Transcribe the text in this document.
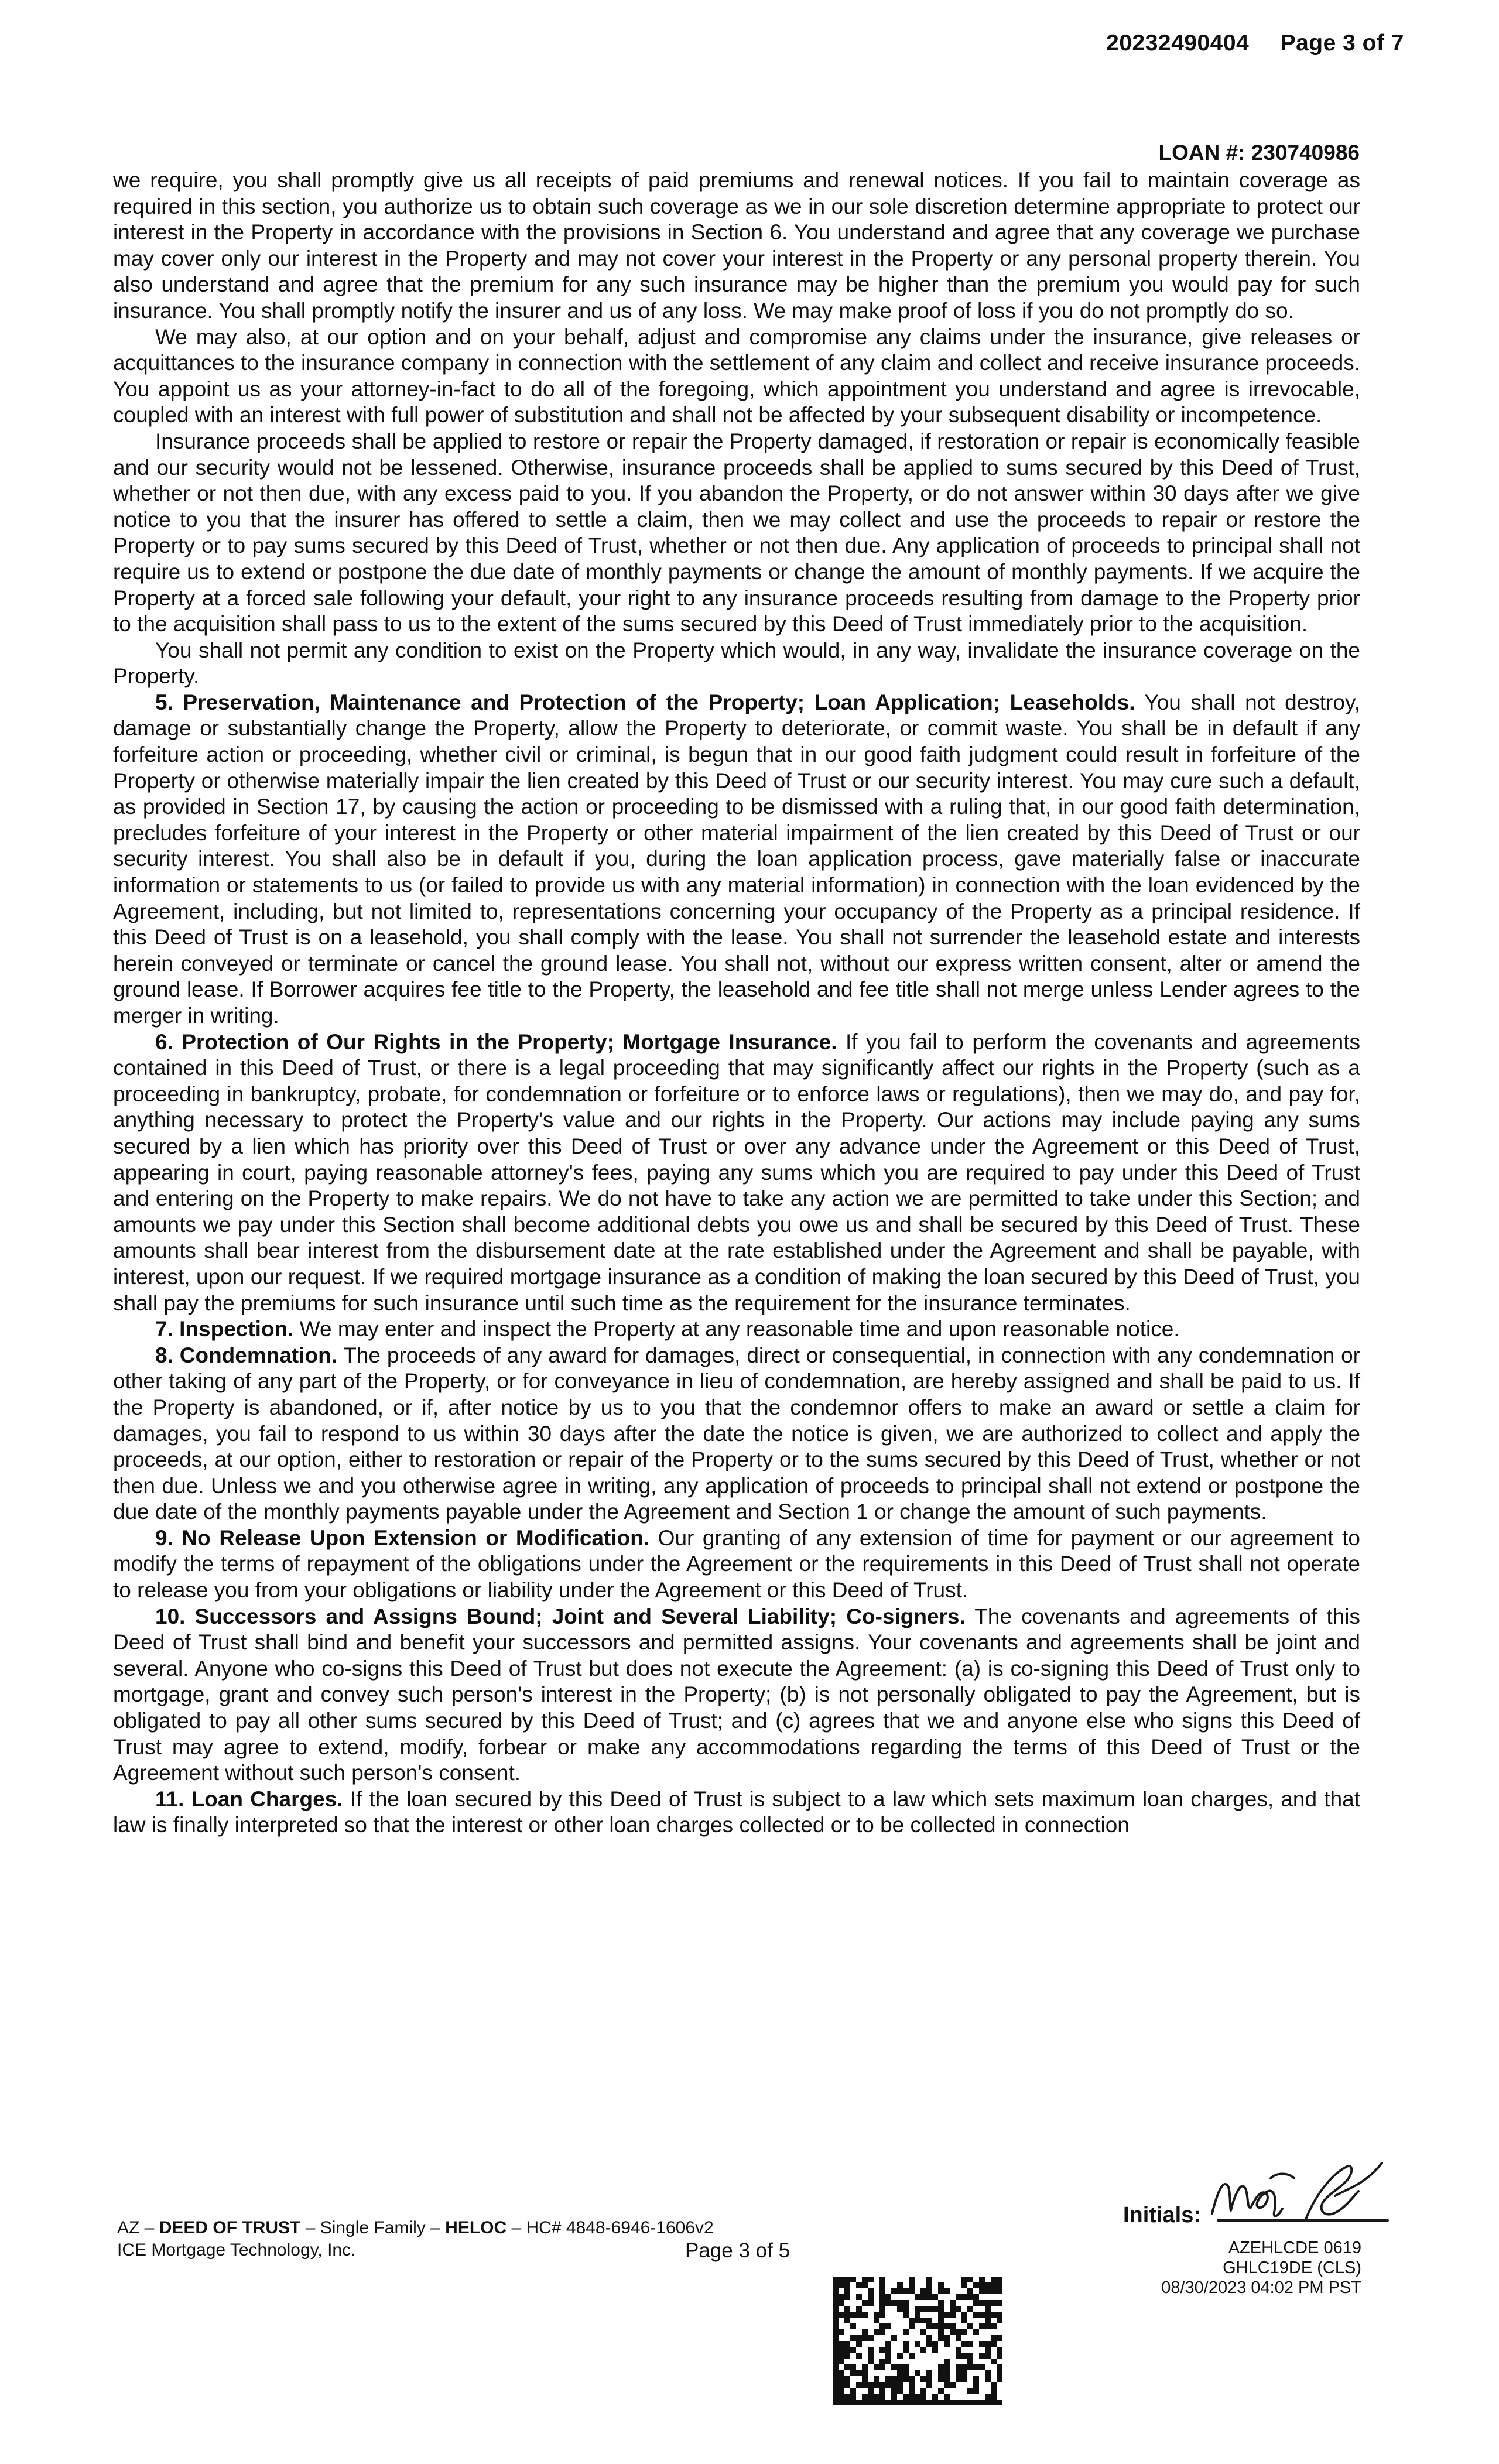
20232490404 Page 3 of 7
LOAN #: 230740986

we require, you shall promptly give us all receipts of paid premiums and renewal notices. If you fail to maintain coverage as required in this section, you authorize us to obtain such coverage as we in our sole discretion determine appropriate to protect our interest in the Property in accordance with the provisions in Section 6. You understand and agree that any coverage we purchase may cover only our interest in the Property and may not cover your interest in the Property or any personal property therein. You also understand and agree that the premium for any such insurance may be higher than the premium you would pay for such insurance. You shall promptly notify the insurer and us of any loss. We may make proof of loss if you do not promptly do so.

We may also, at our option and on your behalf, adjust and compromise any claims under the insurance, give releases or acquittances to the insurance company in connection with the settlement of any claim and collect and receive insurance proceeds. You appoint us as your attorney-in-fact to do all of the foregoing, which appointment you understand and agree is irrevocable, coupled with an interest with full power of substitution and shall not be affected by your subsequent disability or incompetence.

Insurance proceeds shall be applied to restore or repair the Property damaged, if restoration or repair is economically feasible and our security would not be lessened. Otherwise, insurance proceeds shall be applied to sums secured by this Deed of Trust, whether or not then due, with any excess paid to you. If you abandon the Property, or do not answer within 30 days after we give notice to you that the insurer has offered to settle a claim, then we may collect and use the proceeds to repair or restore the Property or to pay sums secured by this Deed of Trust, whether or not then due. Any application of proceeds to principal shall not require us to extend or postpone the due date of monthly payments or change the amount of monthly payments. If we acquire the Property at a forced sale following your default, your right to any insurance proceeds resulting from damage to the Property prior to the acquisition shall pass to us to the extent of the sums secured by this Deed of Trust immediately prior to the acquisition.

You shall not permit any condition to exist on the Property which would, in any way, invalidate the insurance coverage on the Property.

5. Preservation, Maintenance and Protection of the Property; Loan Application; Leaseholds. You shall not destroy, damage or substantially change the Property, allow the Property to deteriorate, or commit waste. You shall be in default if any forfeiture action or proceeding, whether civil or criminal, is begun that in our good faith judgment could result in forfeiture of the Property or otherwise materially impair the lien created by this Deed of Trust or our security interest. You may cure such a default, as provided in Section 17, by causing the action or proceeding to be dismissed with a ruling that, in our good faith determination, precludes forfeiture of your interest in the Property or other material impairment of the lien created by this Deed of Trust or our security interest. You shall also be in default if you, during the loan application process, gave materially false or inaccurate information or statements to us (or failed to provide us with any material information) in connection with the loan evidenced by the Agreement, including, but not limited to, representations concerning your occupancy of the Property as a principal residence. If this Deed of Trust is on a leasehold, you shall comply with the lease. You shall not surrender the leasehold estate and interests herein conveyed or terminate or cancel the ground lease. You shall not, without our express written consent, alter or amend the ground lease. If Borrower acquires fee title to the Property, the leasehold and fee title shall not merge unless Lender agrees to the merger in writing.

6. Protection of Our Rights in the Property; Mortgage Insurance. If you fail to perform the covenants and agreements contained in this Deed of Trust, or there is a legal proceeding that may significantly affect our rights in the Property (such as a proceeding in bankruptcy, probate, for condemnation or forfeiture or to enforce laws or regulations), then we may do, and pay for, anything necessary to protect the Property's value and our rights in the Property. Our actions may include paying any sums secured by a lien which has priority over this Deed of Trust or over any advance under the Agreement or this Deed of Trust, appearing in court, paying reasonable attorney's fees, paying any sums which you are required to pay under this Deed of Trust and entering on the Property to make repairs. We do not have to take any action we are permitted to take under this Section; and amounts we pay under this Section shall become additional debts you owe us and shall be secured by this Deed of Trust. These amounts shall bear interest from the disbursement date at the rate established under the Agreement and shall be payable, with interest, upon our request. If we required mortgage insurance as a condition of making the loan secured by this Deed of Trust, you shall pay the premiums for such insurance until such time as the requirement for the insurance terminates.

7. Inspection. We may enter and inspect the Property at any reasonable time and upon reasonable notice.

8. Condemnation. The proceeds of any award for damages, direct or consequential, in connection with any condemnation or other taking of any part of the Property, or for conveyance in lieu of condemnation, are hereby assigned and shall be paid to us. If the Property is abandoned, or if, after notice by us to you that the condemnor offers to make an award or settle a claim for damages, you fail to respond to us within 30 days after the date the notice is given, we are authorized to collect and apply the proceeds, at our option, either to restoration or repair of the Property or to the sums secured by this Deed of Trust, whether or not then due. Unless we and you otherwise agree in writing, any application of proceeds to principal shall not extend or postpone the due date of the monthly payments payable under the Agreement and Section 1 or change the amount of such payments.

9. No Release Upon Extension or Modification. Our granting of any extension of time for payment or our agreement to modify the terms of repayment of the obligations under the Agreement or the requirements in this Deed of Trust shall not operate to release you from your obligations or liability under the Agreement or this Deed of Trust.

10. Successors and Assigns Bound; Joint and Several Liability; Co-signers. The covenants and agreements of this Deed of Trust shall bind and benefit your successors and permitted assigns. Your covenants and agreements shall be joint and several. Anyone who co-signs this Deed of Trust but does not execute the Agreement: (a) is co-signing this Deed of Trust only to mortgage, grant and convey such person's interest in the Property; (b) is not personally obligated to pay the Agreement, but is obligated to pay all other sums secured by this Deed of Trust; and (c) agrees that we and anyone else who signs this Deed of Trust may agree to extend, modify, forbear or make any accommodations regarding the terms of this Deed of Trust or the Agreement without such person's consent.

11. Loan Charges. If the loan secured by this Deed of Trust is subject to a law which sets maximum loan charges, and that law is finally interpreted so that the interest or other loan charges collected or to be collected in connection

AZ – DEED OF TRUST – Single Family – HELOC – HC# 4848-6946-1606v2
ICE Mortgage Technology, Inc.	Page 3 of 5
Initials:
AZEHLCDE 0619
GHLC19DE (CLS)
08/30/2023 04:02 PM PST
